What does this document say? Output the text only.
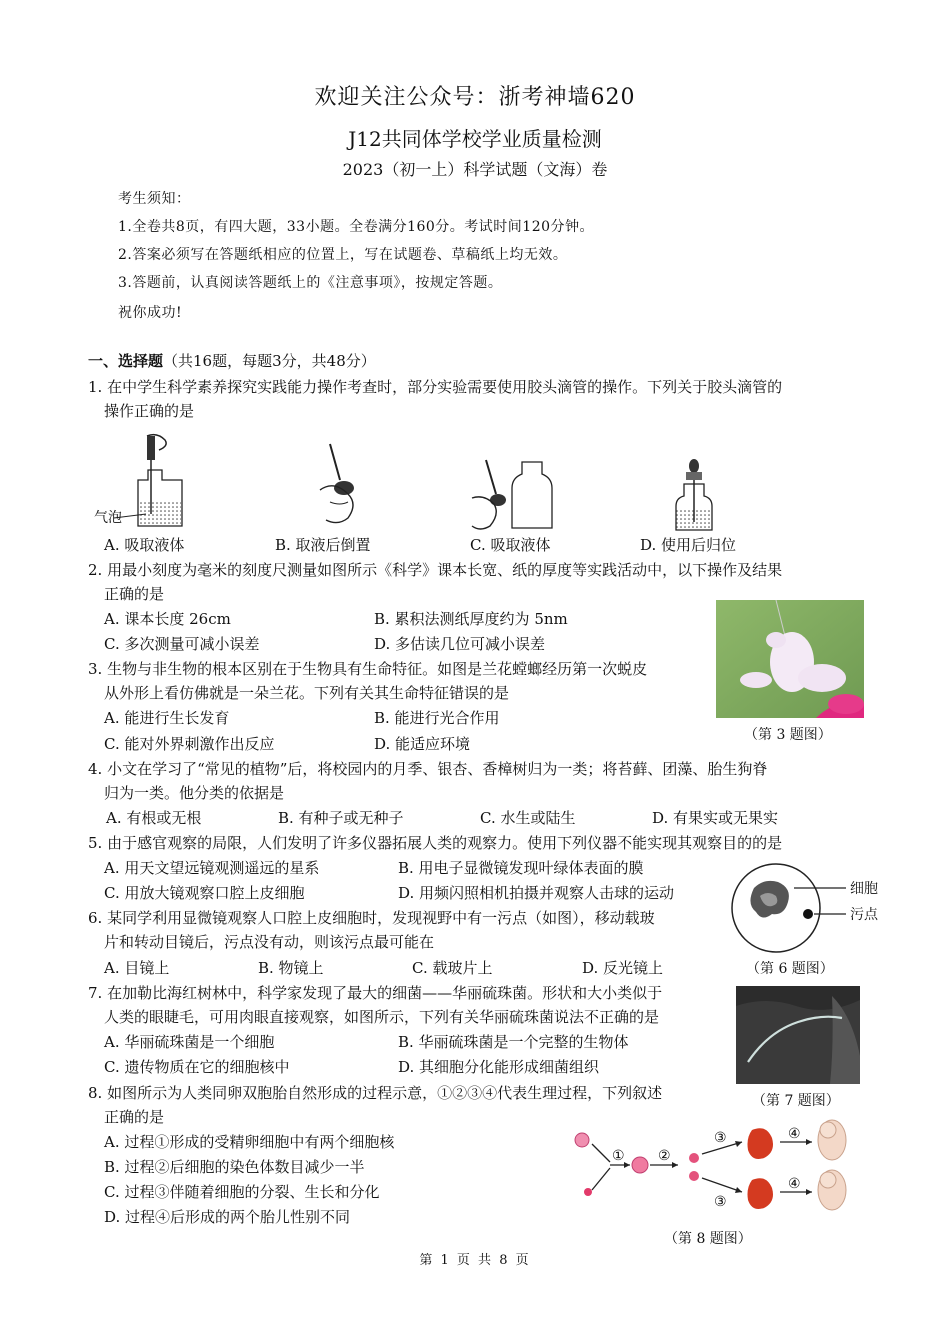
欢迎关注公众号：浙考神墙620
J12共同体学校学业质量检测
2023（初一上）科学试题（文海）卷
考生须知：
1.全卷共8页，有四大题，33小题。全卷满分160分。考试时间120分钟。
2.答案必须写在答题纸相应的位置上，写在试题卷、草稿纸上均无效。
3.答题前，认真阅读答题纸上的《注意事项》，按规定答题。
祝你成功!
一、选择题（共16题，每题3分，共48分）
1. 在中学生科学素养探究实践能力操作考查时，部分实验需要使用胶头滴管的操作。下列关于胶头滴管的
操作正确的是
气泡
A. 吸取液体	B. 取液后倒置	C. 吸取液体	D. 使用后归位
2. 用最小刻度为毫米的刻度尺测量如图所示《科学》课本长宽、纸的厚度等实践活动中，以下操作及结果
正确的是
A. 课本长度 26cm	B. 累积法测纸厚度约为 5nm
C. 多次测量可减小误差	D. 多估读几位可减小误差
（第 3 题图）
3. 生物与非生物的根本区别在于生物具有生命特征。如图是兰花螳螂经历第一次蜕皮
从外形上看仿佛就是一朵兰花。下列有关其生命特征错误的是
A. 能进行生长发育	B. 能进行光合作用
C. 能对外界刺激作出反应	D. 能适应环境
4. 小文在学习了“常见的植物”后，将校园内的月季、银杏、香樟树归为一类；将苔藓、团藻、胎生狗脊
归为一类。他分类的依据是
A. 有根或无根	B. 有种子或无种子	C. 水生或陆生	D. 有果实或无果实
5. 由于感官观察的局限，人们发明了许多仪器拓展人类的观察力。使用下列仪器不能实现其观察目的的是
A. 用天文望远镜观测遥远的星系	B. 用电子显微镜发现叶绿体表面的膜
C. 用放大镜观察口腔上皮细胞	D. 用频闪照相机拍摄并观察人击球的运动	细胞
污点
（第 6 题图）
6. 某同学利用显微镜观察人口腔上皮细胞时，发现视野中有一污点（如图），移动载玻
片和转动目镜后，污点没有动，则该污点最可能在
A. 目镜上	B. 物镜上	C. 载玻片上	D. 反光镜上
（第 7 题图）
7. 在加勒比海红树林中，科学家发现了最大的细菌——华丽硫珠菌。形状和大小类似于
人类的眼睫毛，可用肉眼直接观察，如图所示，下列有关华丽硫珠菌说法不正确的是
A. 华丽硫珠菌是一个细胞	B. 华丽硫珠菌是一个完整的生物体
C. 遗传物质在它的细胞核中	D. 其细胞分化能形成细菌组织
8. 如图所示为人类同卵双胞胎自然形成的过程示意，①②③④代表生理过程，下列叙述
正确的是
A. 过程①形成的受精卵细胞中有两个细胞核
B. 过程②后细胞的染色体数目减少一半
C. 过程③伴随着细胞的分裂、生长和分化
D. 过程④后形成的两个胎儿性别不同
① ②
③
③
④
④
（第 8 题图）
第 1 页 共 8 页
